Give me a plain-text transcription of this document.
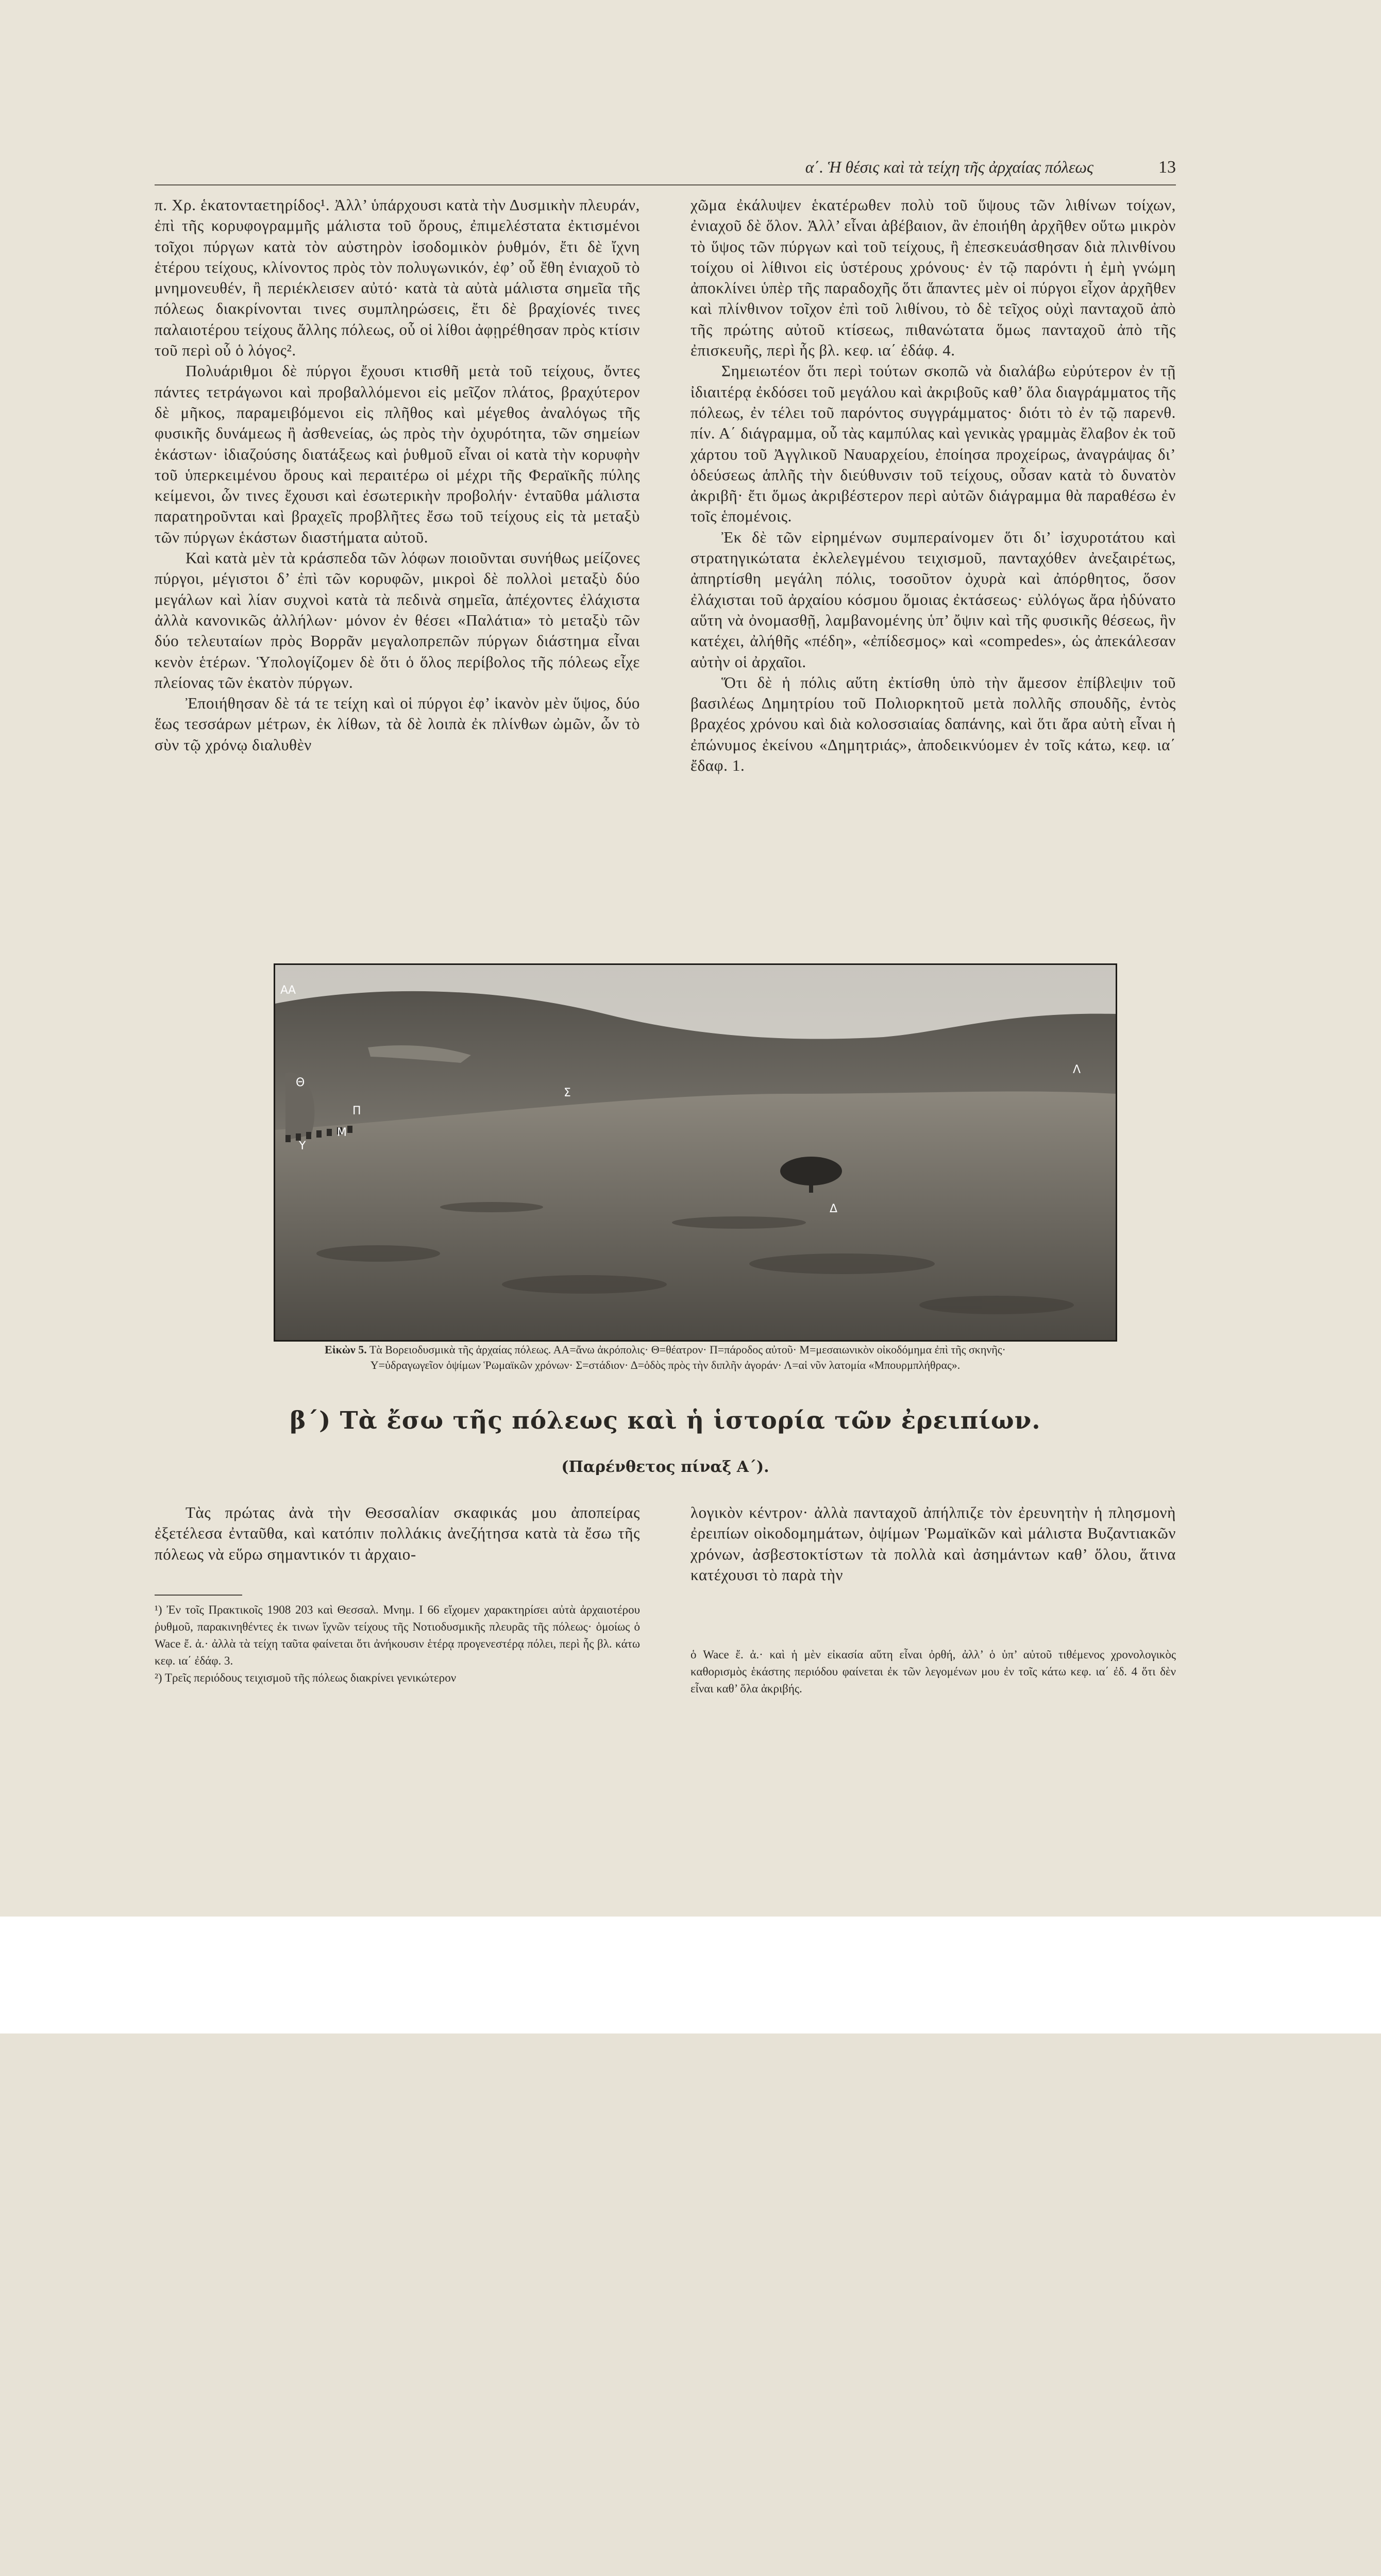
α΄. Ἡ θέσις καὶ τὰ τείχη τῆς ἀρχαίας πόλεως	13

π. Χρ. ἑκατονταετηρίδος¹. Ἀλλ’ ὑπάρχουσι κατὰ τὴν Δυσμικὴν πλευράν, ἐπὶ τῆς κορυφογραμμῆς μάλιστα τοῦ ὄρους, ἐπιμελέστατα ἐκτισμένοι τοῖχοι πύργων κατὰ τὸν αὐστηρὸν ἰσοδομικὸν ῥυθμόν, ἔτι δὲ ἴχνη ἑτέρου τείχους, κλίνοντος πρὸς τὸν πολυγωνικόν, ἐφ’ οὗ ἔθη ἐνιαχοῦ τὸ μνημονευθέν, ἢ περιέκλεισεν αὐτό· κατὰ τὰ αὐτὰ μάλιστα σημεῖα τῆς πόλεως διακρίνονται τινες συμπληρώσεις, ἔτι δὲ βραχίονές τινες παλαιοτέρου τείχους ἄλλης πόλεως, οὗ οἱ λίθοι ἀφῃρέθησαν πρὸς κτίσιν τοῦ περὶ οὗ ὁ λόγος².

Πολυάριθμοι δὲ πύργοι ἔχουσι κτισθῆ μετὰ τοῦ τείχους, ὄντες πάντες τετράγωνοι καὶ προβαλλόμενοι εἰς μεῖζον πλάτος, βραχύτερον δὲ μῆκος, παραμειβόμενοι εἰς πλῆθος καὶ μέγεθος ἀναλόγως τῆς φυσικῆς δυνάμεως ἢ ἀσθενείας, ὡς πρὸς τὴν ὀχυρότητα, τῶν σημείων ἑκάστων· ἰδιαζούσης διατάξεως καὶ ῥυθμοῦ εἶναι οἱ κατὰ τὴν κορυφὴν τοῦ ὑπερκειμένου ὄρους καὶ περαιτέρω οἱ μέχρι τῆς Φεραϊκῆς πύλης κείμενοι, ὧν τινες ἔχουσι καὶ ἐσωτερικὴν προβολήν· ἐνταῦθα μάλιστα παρατηροῦνται καὶ βραχεῖς προβλῆτες ἔσω τοῦ τείχους εἰς τὰ μεταξὺ τῶν πύργων ἑκάστων διαστήματα αὐτοῦ.

Καὶ κατὰ μὲν τὰ κράσπεδα τῶν λόφων ποιοῦνται συνήθως μείζονες πύργοι, μέγιστοι δ’ ἐπὶ τῶν κορυφῶν, μικροὶ δὲ πολλοὶ μεταξὺ δύο μεγάλων καὶ λίαν συχνοὶ κατὰ τὰ πεδινὰ σημεῖα, ἀπέχοντες ἐλάχιστα ἀλλὰ κανονικῶς ἀλλήλων· μόνον ἐν θέσει «Παλάτια» τὸ μεταξὺ τῶν δύο τελευταίων πρὸς Βορρᾶν μεγαλοπρεπῶν πύργων διάστημα εἶναι κενὸν ἑτέρων. Ὑπολογίζομεν δὲ ὅτι ὁ ὅλος περίβολος τῆς πόλεως εἶχε πλείονας τῶν ἑκατὸν πύργων.

Ἐποιήθησαν δὲ τά τε τείχη καὶ οἱ πύργοι ἐφ’ ἱκανὸν μὲν ὕψος, δύο ἕως τεσσάρων μέτρων, ἐκ λίθων, τὰ δὲ λοιπὰ ἐκ πλίνθων ὠμῶν, ὧν τὸ σὺν τῷ χρόνῳ διαλυθὲν

χῶμα ἐκάλυψεν ἑκατέρωθεν πολὺ τοῦ ὕψους τῶν λιθίνων τοίχων, ἐνιαχοῦ δὲ ὅλον. Ἀλλ’ εἶναι ἀβέβαιον, ἂν ἐποιήθη ἀρχῆθεν οὕτω μικρὸν τὸ ὕψος τῶν πύργων καὶ τοῦ τείχους, ἢ ἐπεσκευάσθησαν διὰ πλινθίνου τοίχου οἱ λίθινοι εἰς ὑστέρους χρόνους· ἐν τῷ παρόντι ἡ ἐμὴ γνώμη ἀποκλίνει ὑπὲρ τῆς παραδοχῆς ὅτι ἅπαντες μὲν οἱ πύργοι εἶχον ἀρχῆθεν καὶ πλίνθινον τοῖχον ἐπὶ τοῦ λιθίνου, τὸ δὲ τεῖχος οὐχὶ πανταχοῦ ἀπὸ τῆς πρώτης αὐτοῦ κτίσεως, πιθανώτατα ὅμως πανταχοῦ ἀπὸ τῆς ἐπισκευῆς, περὶ ἧς βλ. κεφ. ια΄ ἐδάφ. 4.

Σημειωτέον ὅτι περὶ τούτων σκοπῶ νὰ διαλάβω εὐρύτερον ἐν τῇ ἰδιαιτέρᾳ ἐκδόσει τοῦ μεγάλου καὶ ἀκριβοῦς καθ’ ὅλα διαγράμματος τῆς πόλεως, ἐν τέλει τοῦ παρόντος συγγράμματος· διότι τὸ ἐν τῷ παρενθ. πίν. Α΄ διάγραμμα, οὗ τὰς καμπύλας καὶ γενικὰς γραμμὰς ἔλαβον ἐκ τοῦ χάρτου τοῦ Ἀγγλικοῦ Ναυαρχείου, ἐποίησα προχείρως, ἀναγράψας δι’ ὁδεύσεως ἁπλῆς τὴν διεύθυνσιν τοῦ τείχους, οὖσαν κατὰ τὸ δυνατὸν ἀκριβῆ· ἔτι ὅμως ἀκριβέστερον περὶ αὐτῶν διάγραμμα θὰ παραθέσω ἐν τοῖς ἑπομένοις.

Ἐκ δὲ τῶν εἰρημένων συμπεραίνομεν ὅτι δι’ ἰσχυροτάτου καὶ στρατηγικώτατα ἐκλελεγμένου τειχισμοῦ, πανταχόθεν ἀνεξαιρέτως, ἀπηρτίσθη μεγάλη πόλις, τοσοῦτον ὀχυρὰ καὶ ἀπόρθητος, ὅσον ἐλάχισται τοῦ ἀρχαίου κόσμου ὅμοιας ἐκτάσεως· εὐλόγως ἄρα ἠδύνατο αὕτη νὰ ὀνομασθῇ, λαμβανομένης ὑπ’ ὄψιν καὶ τῆς φυσικῆς θέσεως, ἣν κατέχει, ἀλήθῆς «πέδη», «ἐπίδεσμος» καὶ «compedes», ὡς ἀπεκάλεσαν αὐτὴν οἱ ἀρχαῖοι.

Ὅτι δὲ ἡ πόλις αὕτη ἐκτίσθη ὑπὸ τὴν ἄμεσον ἐπίβλεψιν τοῦ βασιλέως Δημητρίου τοῦ Πολιορκητοῦ μετὰ πολλῆς σπουδῆς, ἐντὸς βραχέος χρόνου καὶ διὰ κολοσσιαίας δαπάνης, καὶ ὅτι ἄρα αὐτὴ εἶναι ἡ ἐπώνυμος ἐκείνου «Δημητριάς», ἀποδεικνύομεν ἐν τοῖς κάτω, κεφ. ια΄ ἔδαφ. 1.

ΑΑ
Θ
Π
Μ
Υ
Σ
Λ
Δ
Εἰκὼν 5. Τὰ Βορειοδυσμικὰ τῆς ἀρχαίας πόλεως. ΑΑ=ἄνω ἀκρόπολις· Θ=θέατρον· Π=πάροδος αὐτοῦ· Μ=μεσαιωνικὸν οἰκοδόμημα ἐπὶ τῆς σκηνῆς·
Υ=ὑδραγωγεῖον ὀψίμων Ῥωμαϊκῶν χρόνων· Σ=στάδιον· Δ=ὁδὸς πρὸς τὴν διπλῆν ἀγοράν· Λ=αἱ νῦν λατομία «Μπουρμπλήθρας».
β΄) Τὰ ἔσω τῆς πόλεως καὶ ἡ ἱστορία τῶν ἐρειπίων.
(Παρένθετος πίναξ Α΄).

Τὰς πρώτας ἀνὰ τὴν Θεσσαλίαν σκαφικάς μου ἀποπείρας ἐξετέλεσα ἐνταῦθα, καὶ κατόπιν πολλάκις ἀνεζήτησα κατὰ τὰ ἔσω τῆς πόλεως νὰ εὕρω σημαντικόν τι ἀρχαιο-

λογικὸν κέντρον· ἀλλὰ πανταχοῦ ἀπήλπιζε τὸν ἐρευνητὴν ἡ πλησμονὴ ἐρειπίων οἰκοδομημάτων, ὀψίμων Ῥωμαϊκῶν καὶ μάλιστα Βυζαντιακῶν χρόνων, ἀσβεστοκτίστων τὰ πολλὰ καὶ ἀσημάντων καθ’ ὅλου, ἅτινα κατέχουσι τὸ παρὰ τὴν

¹) Ἐν τοῖς Πρακτικοῖς 1908 203 καὶ Θεσσαλ. Μνημ. Ι 66 εἴχομεν χαρακτηρίσει αὐτὰ ἀρχαιοτέρου ῥυθμοῦ, παρακινηθέντες ἐκ τινων ἴχνῶν τείχους τῆς Νοτιοδυσμικῆς πλευρᾶς τῆς πόλεως· ὁμοίως ὁ Wace ἔ. ἀ.· ἀλλὰ τὰ τείχη ταῦτα φαίνεται ὅτι ἀνήκουσιν ἑτέρᾳ προγενεστέρᾳ πόλει, περὶ ἧς βλ. κάτω κεφ. ια΄ ἐδάφ. 3.

²) Τρεῖς περιόδους τειχισμοῦ τῆς πόλεως διακρίνει γενικώτερον

ὁ Wace ἔ. ἀ.· καὶ ἡ μὲν εἰκασία αὕτη εἶναι ὀρθή, ἀλλ’ ὁ ὑπ’ αὐτοῦ τιθέμενος χρονολογικὸς καθορισμὸς ἑκάστης περιόδου φαίνεται ἐκ τῶν λεγομένων μου ἐν τοῖς κάτω κεφ. ια΄ ἐδ. 4 ὅτι δὲν εἶναι καθ’ ὅλα ἀκριβής.
